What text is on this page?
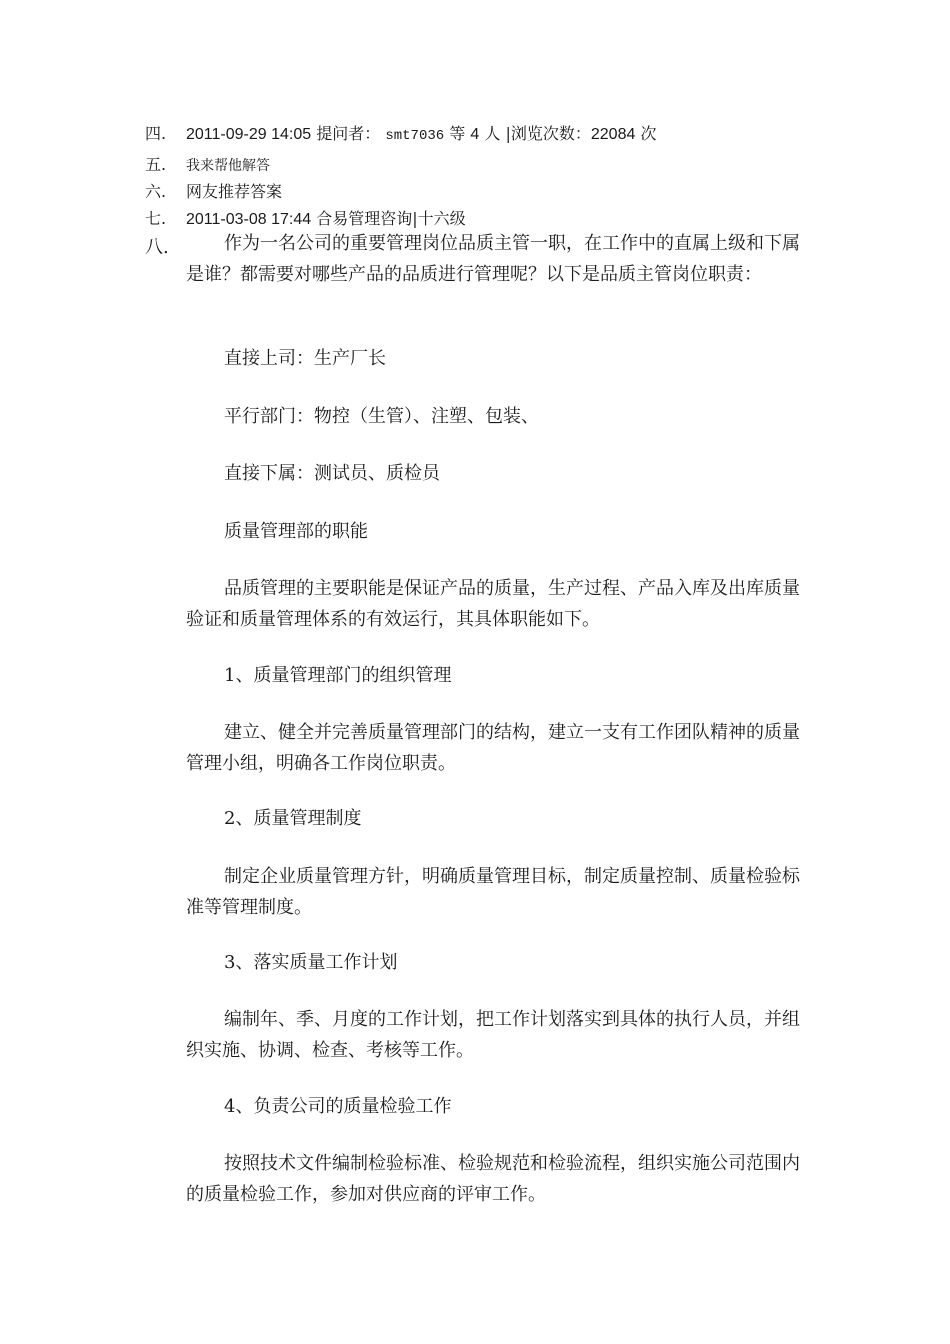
四. 2011-09-29 14:05 提问者： smt7036 等 4 人 |浏览次数：22084 次
五. 我来帮他解答
六. 网友推荐答案
七. 2011-03-08 17:44 合易管理咨询|十六级
八.	作为一名公司的重要管理岗位品质主管一职，在工作中的直属上级和下属是谁？都需要对哪些产品的品质进行管理呢？以下是品质主管岗位职责：
直接上司：生产厂长
平行部门：物控（生管）、注塑、包装、
直接下属：测试员、质检员
质量管理部的职能
品质管理的主要职能是保证产品的质量，生产过程、产品入库及出库质量验证和质量管理体系的有效运行，其具体职能如下。
1、质量管理部门的组织管理
建立、健全并完善质量管理部门的结构，建立一支有工作团队精神的质量管理小组，明确各工作岗位职责。
2、质量管理制度
制定企业质量管理方针，明确质量管理目标，制定质量控制、质量检验标准等管理制度。
3、落实质量工作计划
编制年、季、月度的工作计划，把工作计划落实到具体的执行人员，并组织实施、协调、检查、考核等工作。
4、负责公司的质量检验工作
按照技术文件编制检验标准、检验规范和检验流程，组织实施公司范围内的质量检验工作，参加对供应商的评审工作。
